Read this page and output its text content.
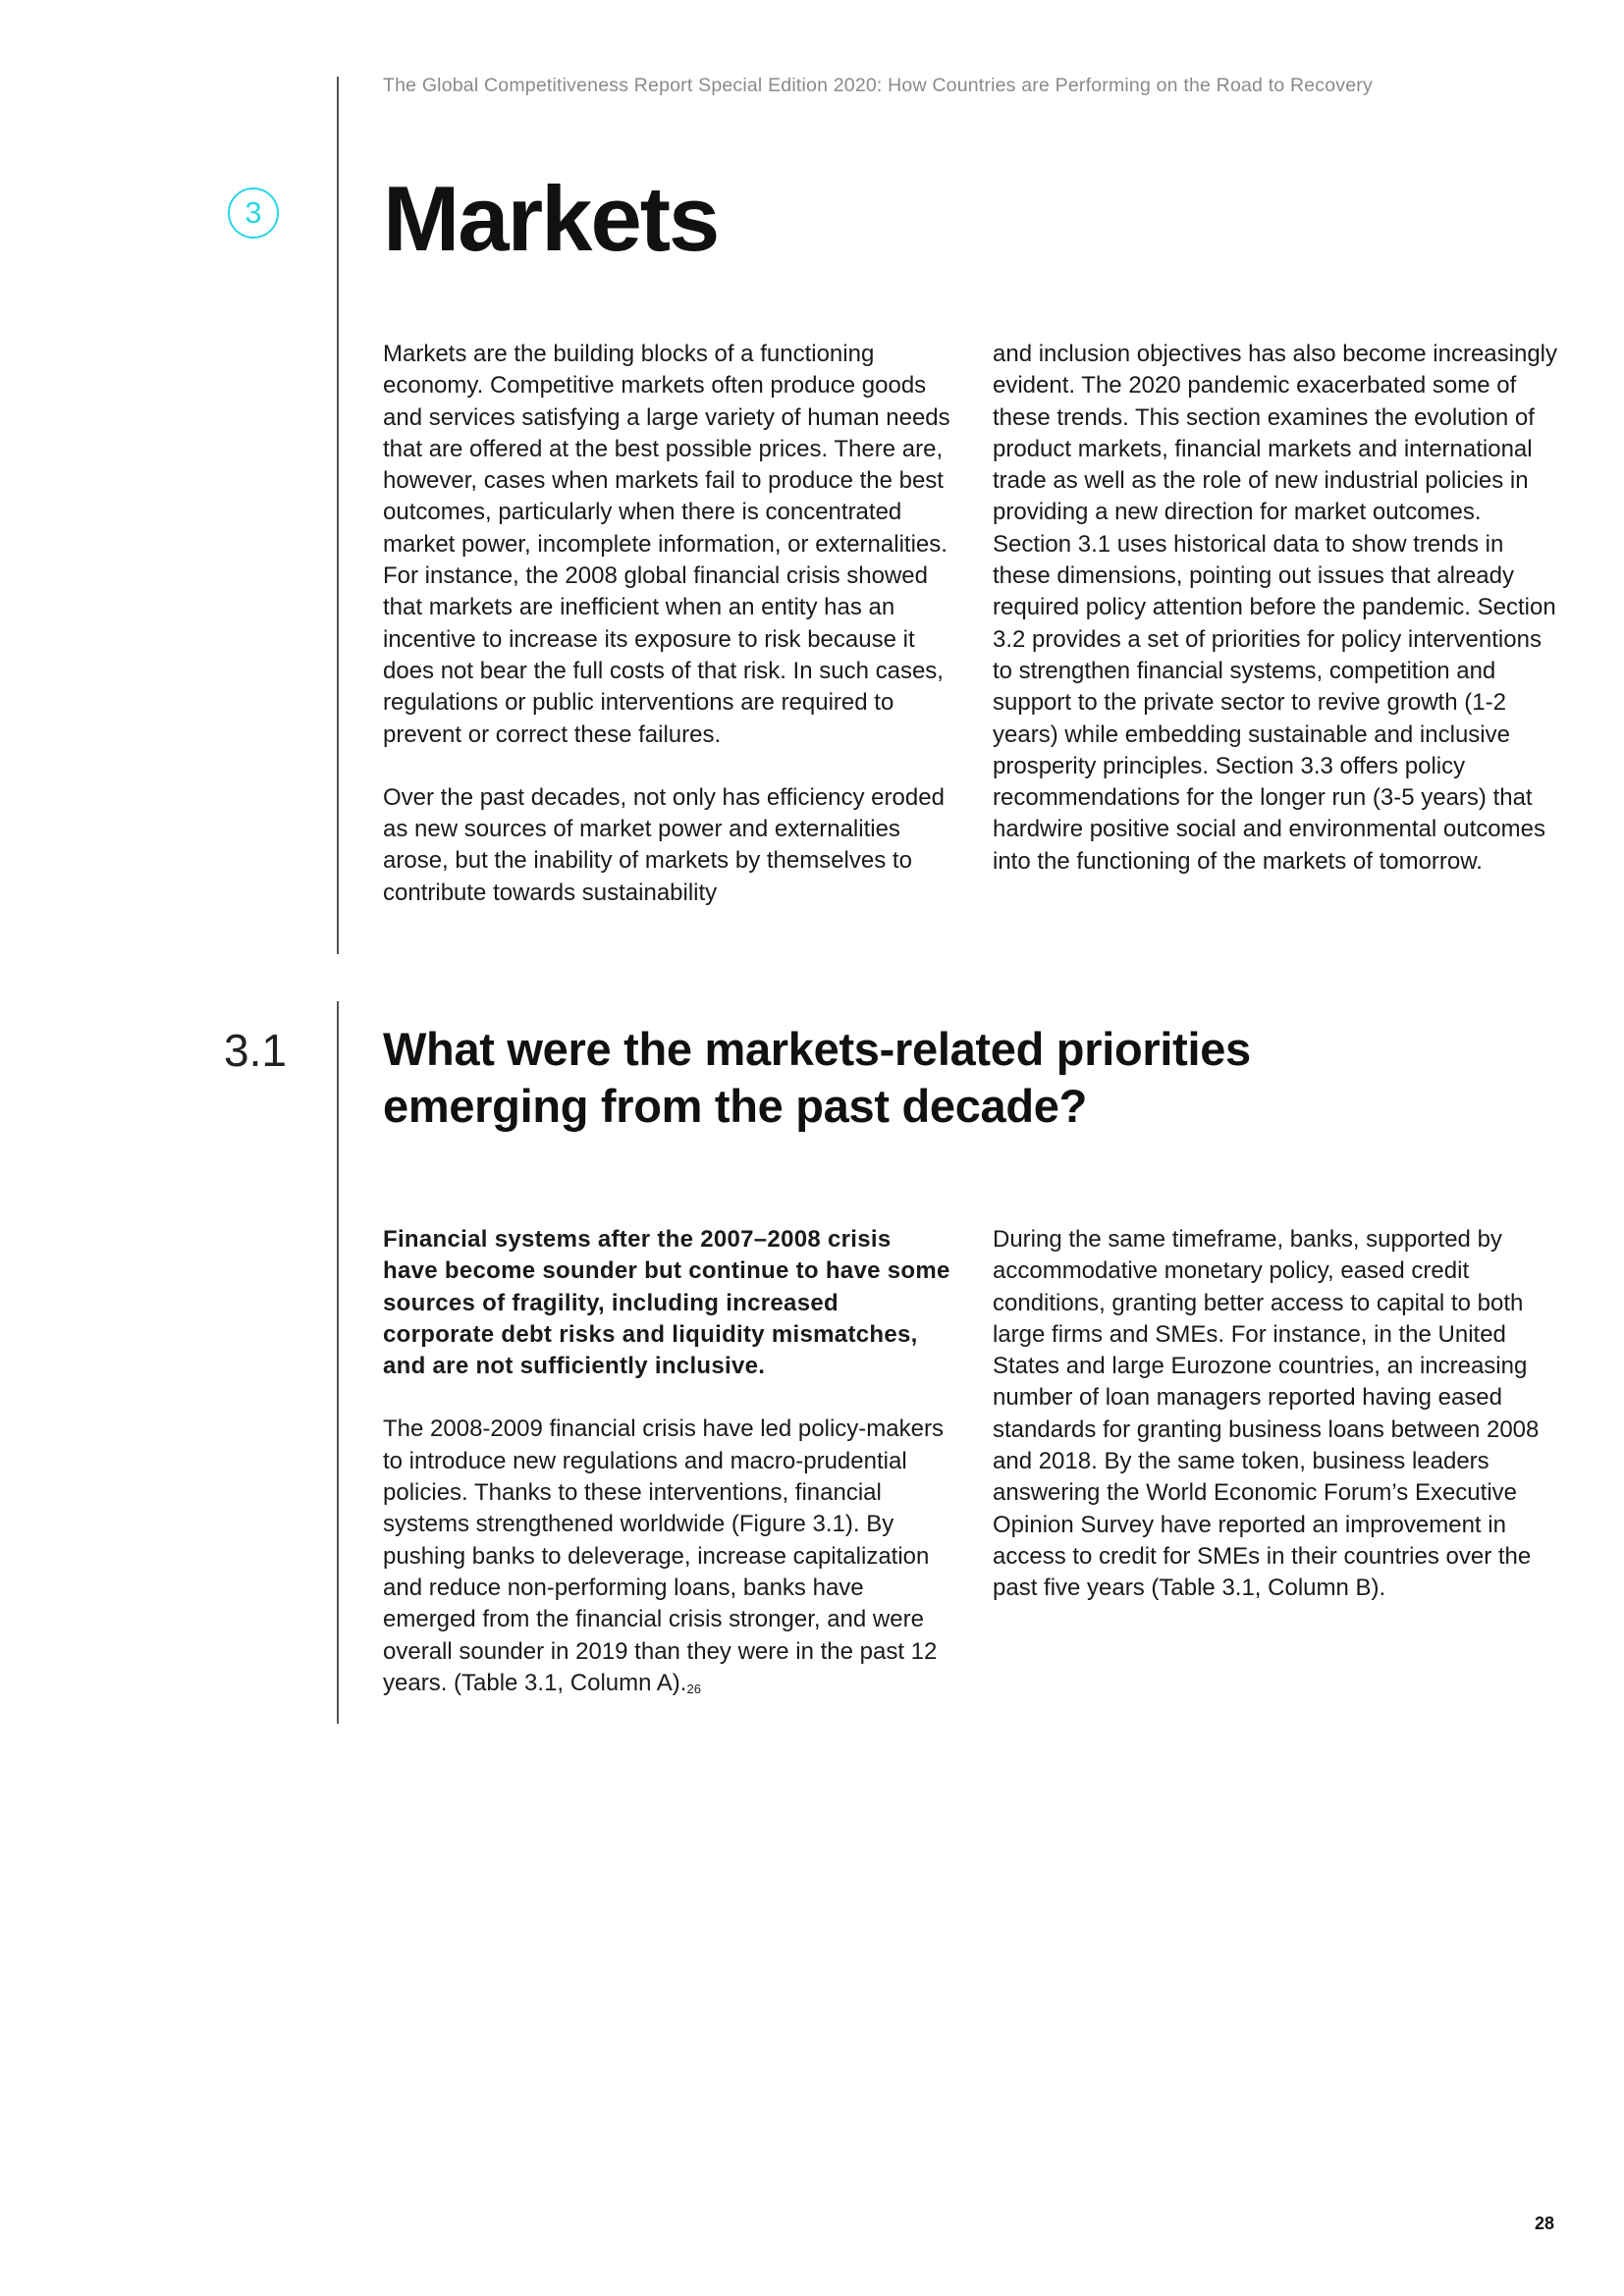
The Global Competitiveness Report Special Edition 2020: How Countries are Performing on the Road to Recovery
3 Markets

Markets are the building blocks of a functioning economy. Competitive markets often produce goods and services satisfying a large variety of human needs that are offered at the best possible prices. There are, however, cases when markets fail to produce the best outcomes, particularly when there is concentrated market power, incomplete information, or externalities. For instance, the 2008 global financial crisis showed that markets are inefficient when an entity has an incentive to increase its exposure to risk because it does not bear the full costs of that risk. In such cases, regulations or public interventions are required to prevent or correct these failures.

Over the past decades, not only has efficiency eroded as new sources of market power and externalities arose, but the inability of markets by themselves to contribute towards sustainability

and inclusion objectives has also become increasingly evident. The 2020 pandemic exacerbated some of these trends. This section examines the evolution of product markets, financial markets and international trade as well as the role of new industrial policies in providing a new direction for market outcomes. Section 3.1 uses historical data to show trends in these dimensions, pointing out issues that already required policy attention before the pandemic. Section 3.2 provides a set of priorities for policy interventions to strengthen financial systems, competition and support to the private sector to revive growth (1-2 years) while embedding sustainable and inclusive prosperity principles. Section 3.3 offers policy recommendations for the longer run (3-5 years) that hardwire positive social and environmental outcomes into the functioning of the markets of tomorrow.

3.1 What were the markets-related priorities emerging from the past decade?

Financial systems after the 2007–2008 crisis have become sounder but continue to have some sources of fragility, including increased corporate debt risks and liquidity mismatches, and are not sufficiently inclusive.

The 2008-2009 financial crisis have led policy-makers to introduce new regulations and macro-prudential policies. Thanks to these interventions, financial systems strengthened worldwide (Figure 3.1). By pushing banks to deleverage, increase capitalization and reduce non-performing loans, banks have emerged from the financial crisis stronger, and were overall sounder in 2019 than they were in the past 12 years. (Table 3.1, Column A).$^{26}$

During the same timeframe, banks, supported by accommodative monetary policy, eased credit conditions, granting better access to capital to both large firms and SMEs. For instance, in the United States and large Eurozone countries, an increasing number of loan managers reported having eased standards for granting business loans between 2008 and 2018. By the same token, business leaders answering the World Economic Forum’s Executive Opinion Survey have reported an improvement in access to credit for SMEs in their countries over the past five years (Table 3.1, Column B).

28
